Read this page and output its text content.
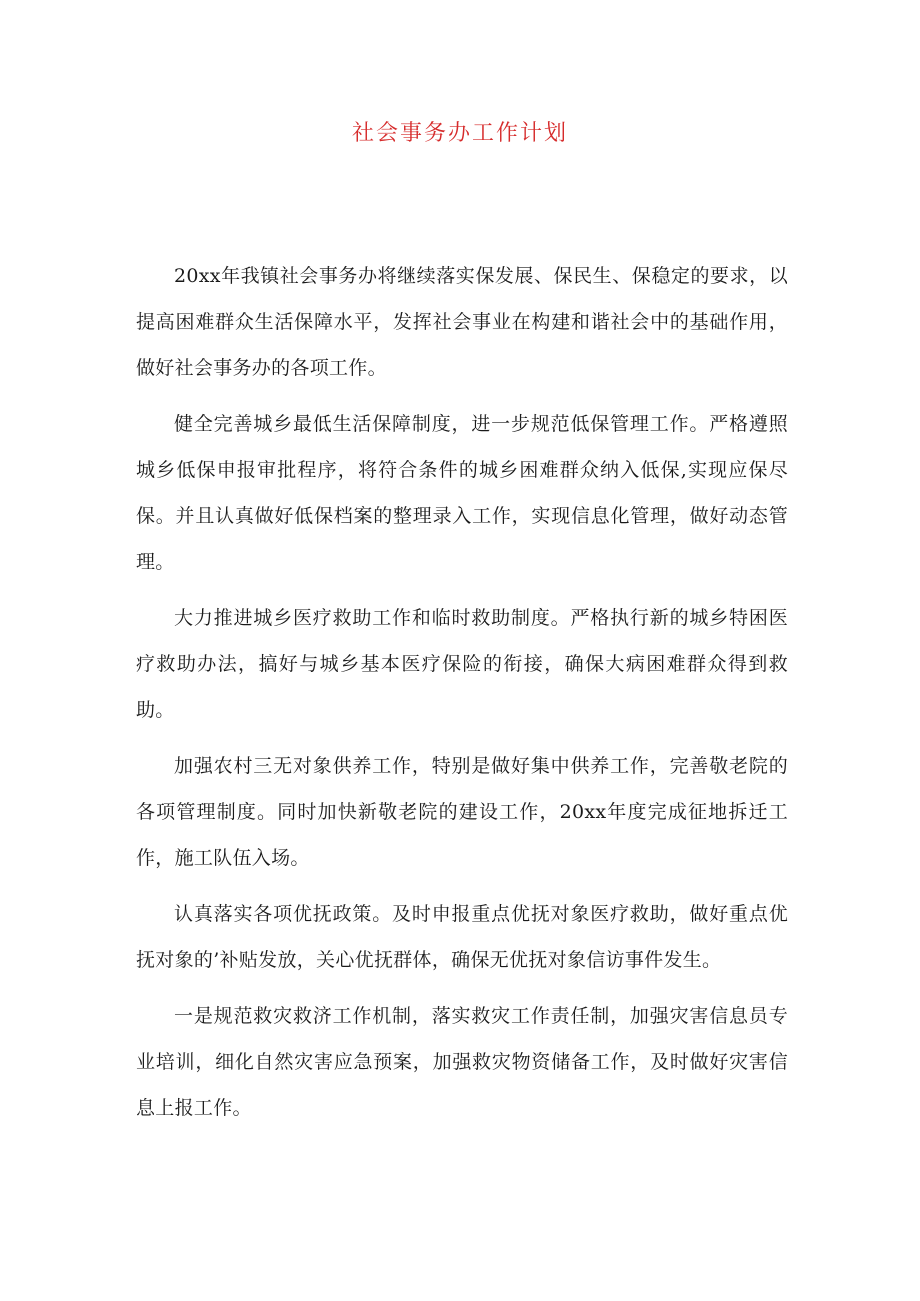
社会事务办工作计划

20xx年我镇社会事务办将继续落实保发展、保民生、保稳定的要求，以提高困难群众生活保障水平，发挥社会事业在构建和谐社会中的基础作用，做好社会事务办的各项工作。

健全完善城乡最低生活保障制度，进一步规范低保管理工作。严格遵照城乡低保申报审批程序，将符合条件的城乡困难群众纳入低保,实现应保尽保。并且认真做好低保档案的整理录入工作，实现信息化管理，做好动态管理。

大力推进城乡医疗救助工作和临时救助制度。严格执行新的城乡特困医疗救助办法，搞好与城乡基本医疗保险的衔接，确保大病困难群众得到救助。

加强农村三无对象供养工作，特别是做好集中供养工作，完善敬老院的各项管理制度。同时加快新敬老院的建设工作，20xx年度完成征地拆迁工作，施工队伍入场。

认真落实各项优抚政策。及时申报重点优抚对象医疗救助，做好重点优抚对象的’补贴发放，关心优抚群体，确保无优抚对象信访事件发生。

一是规范救灾救济工作机制，落实救灾工作责任制，加强灾害信息员专业培训，细化自然灾害应急预案，加强救灾物资储备工作，及时做好灾害信息上报工作。
